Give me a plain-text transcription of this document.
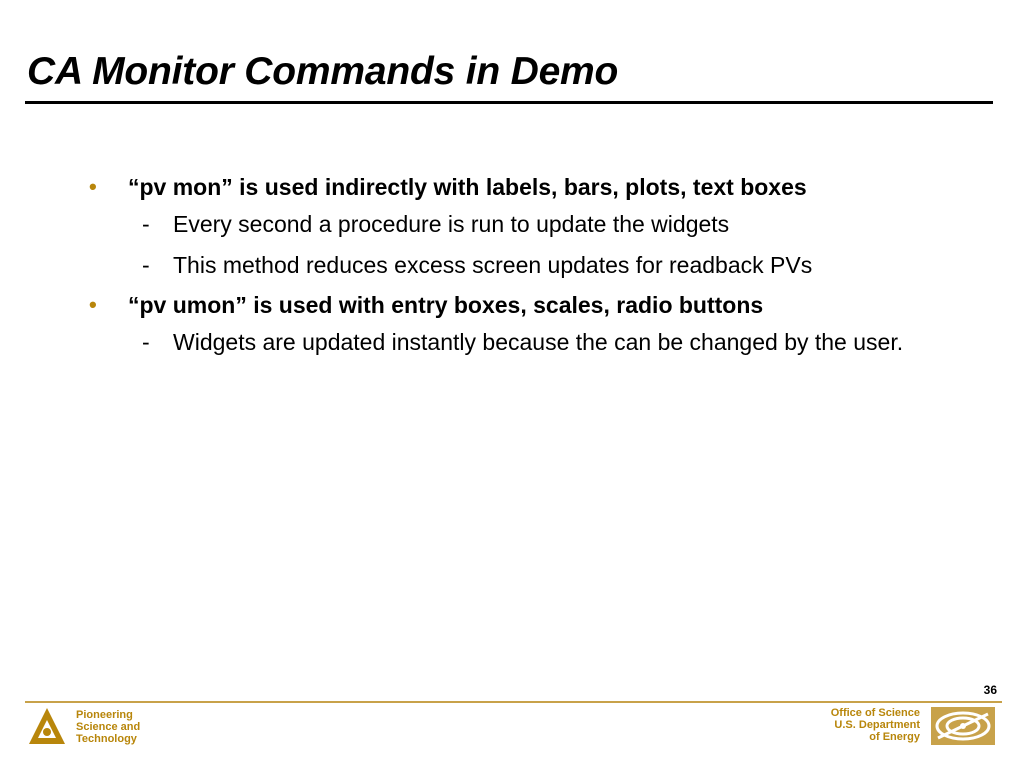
CA Monitor Commands in Demo
• “pv mon” is used indirectly with labels, bars, plots, text boxes
- Every second a procedure is run to update the widgets
- This method reduces excess screen updates for readback PVs
• “pv umon” is used with entry boxes, scales, radio buttons
- Widgets are updated instantly because the can be changed by the user.
36
Pioneering
Science and
Technology
Office of Science
U.S. Department
of Energy
